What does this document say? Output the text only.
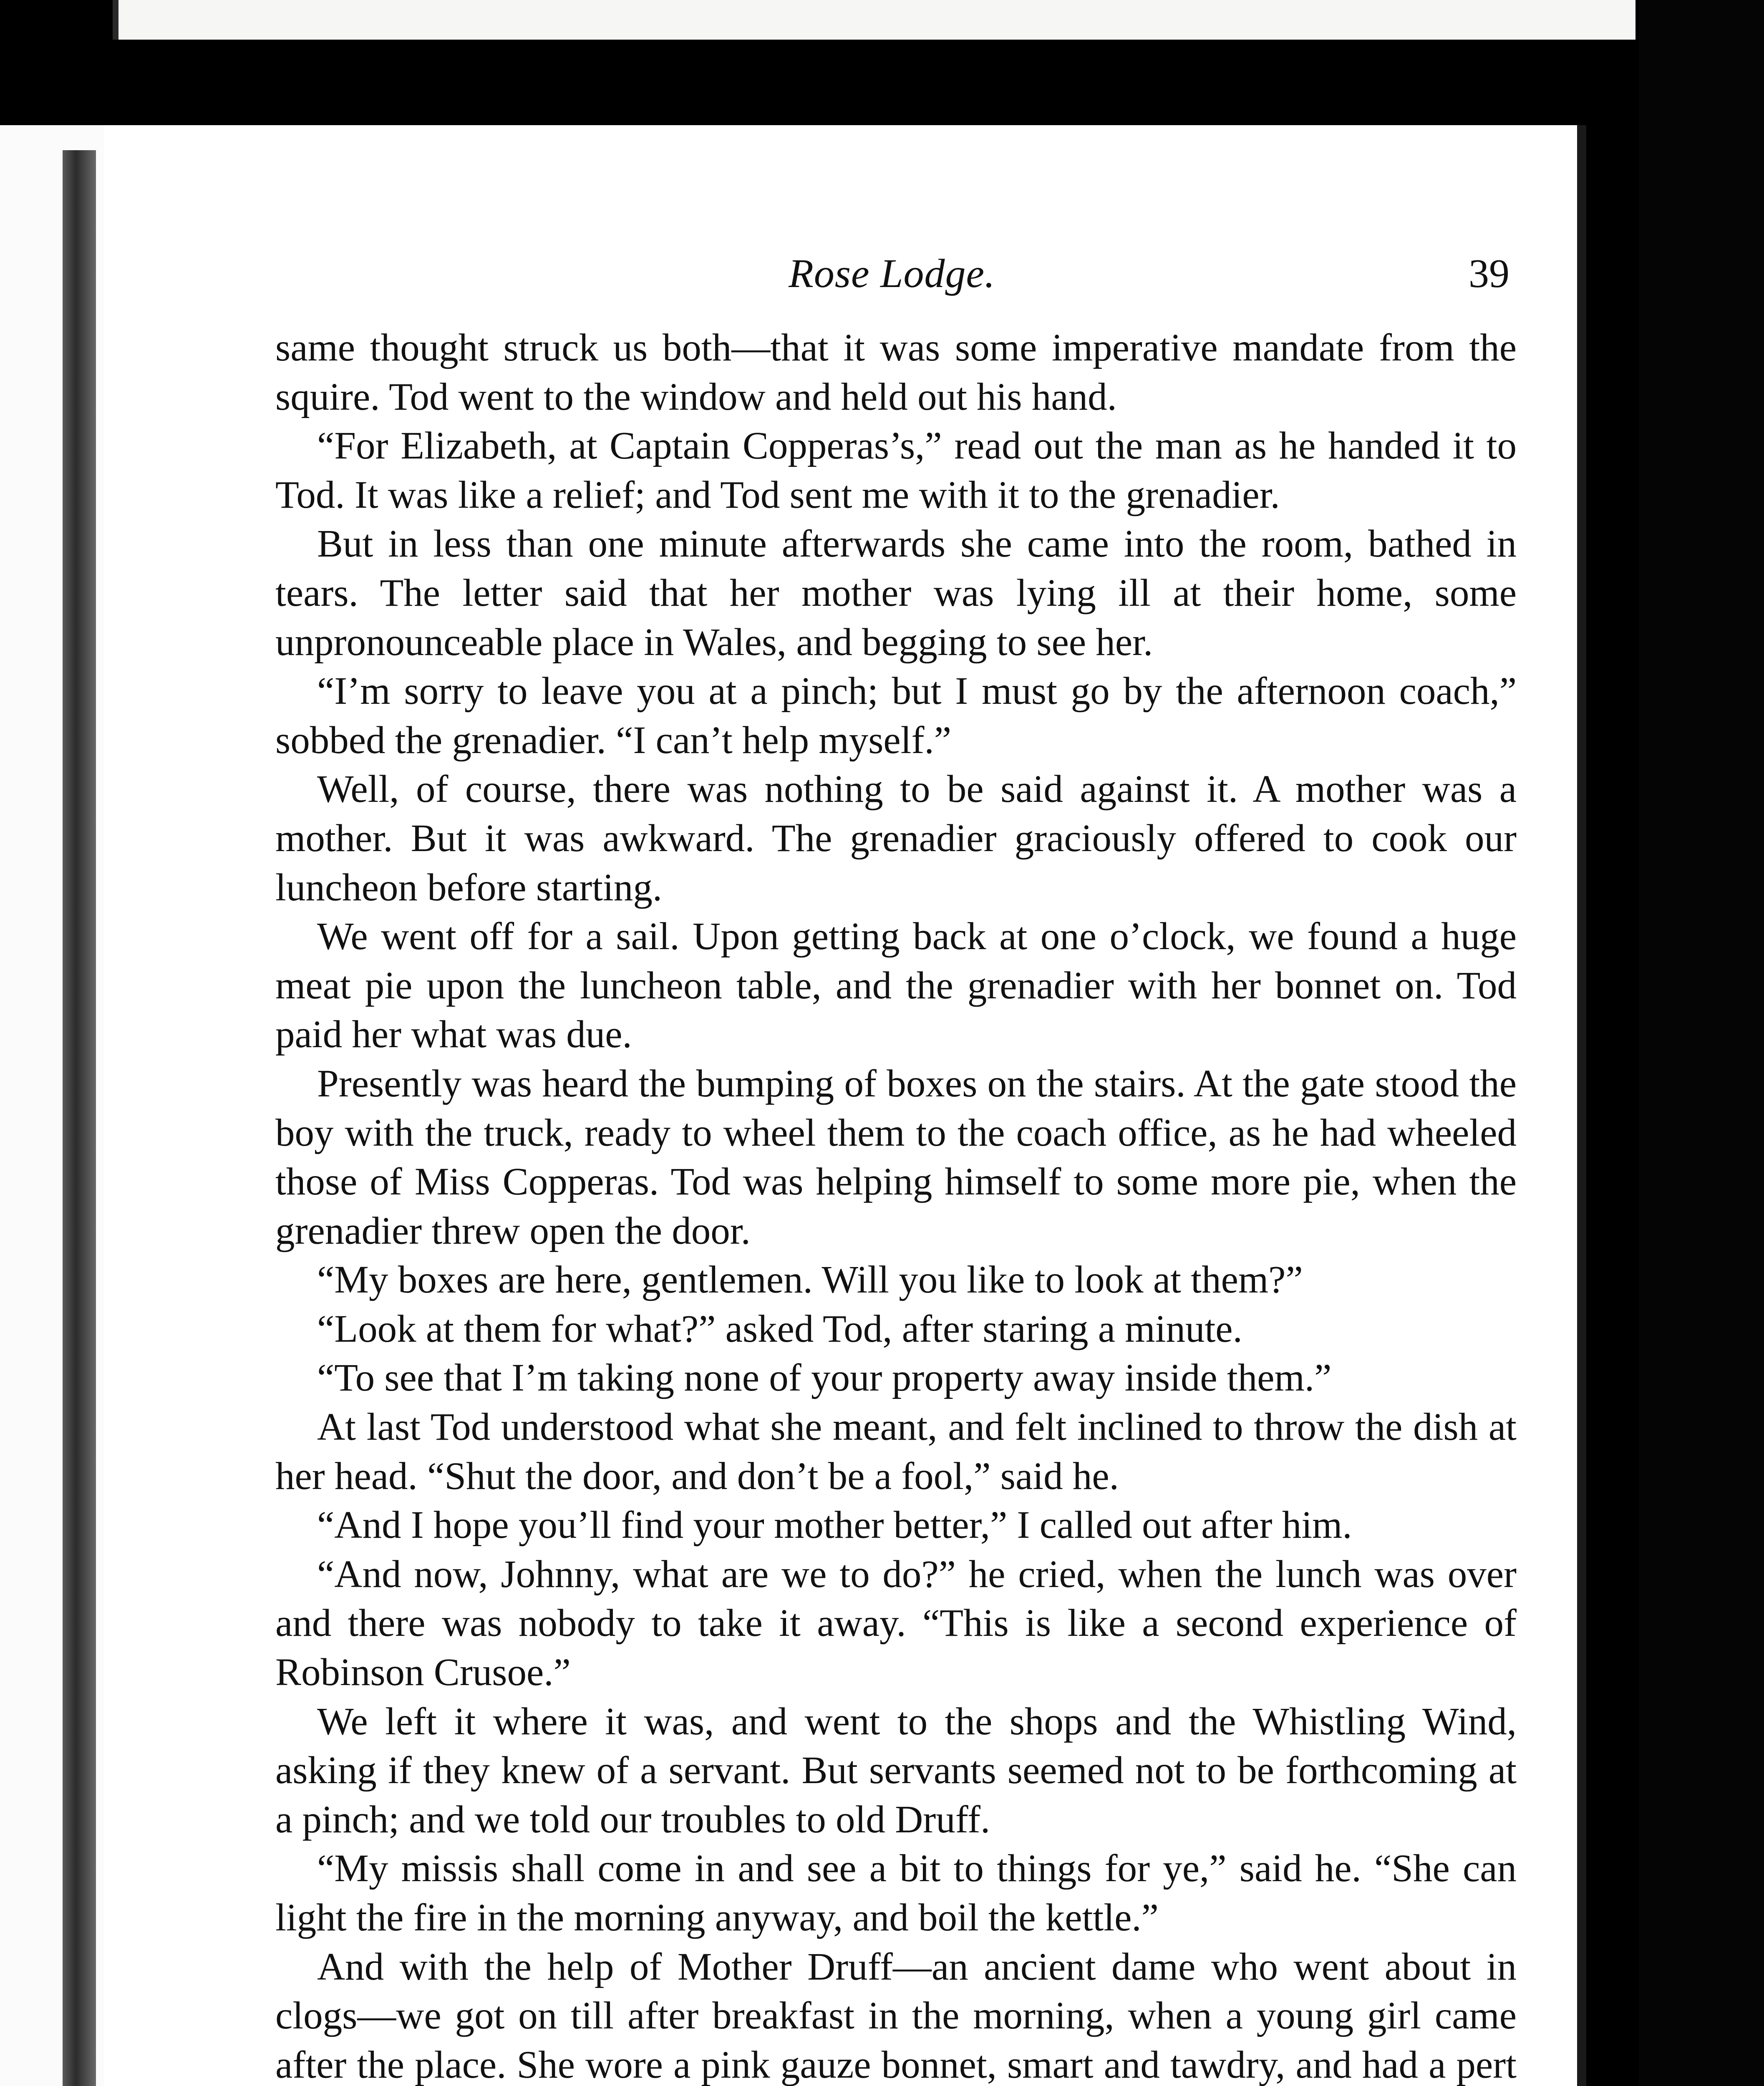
Rose Lodge.	39

same thought struck us both—that it was some imperative mandate from the squire. Tod went to the window and held out his hand.

“For Elizabeth, at Captain Copperas’s,” read out the man as he handed it to Tod. It was like a relief; and Tod sent me with it to the grenadier.

But in less than one minute afterwards she came into the room, bathed in tears. The letter said that her mother was lying ill at their home, some unpronounceable place in Wales, and begging to see her.

“I’m sorry to leave you at a pinch; but I must go by the afternoon coach,” sobbed the grenadier. “I can’t help myself.”

Well, of course, there was nothing to be said against it. A mother was a mother. But it was awkward. The grenadier graciously offered to cook our luncheon before starting.

We went off for a sail. Upon getting back at one o’clock, we found a huge meat pie upon the luncheon table, and the grenadier with her bonnet on. Tod paid her what was due.

Presently was heard the bumping of boxes on the stairs. At the gate stood the boy with the truck, ready to wheel them to the coach office, as he had wheeled those of Miss Copperas. Tod was helping himself to some more pie, when the grenadier threw open the door.

“My boxes are here, gentlemen. Will you like to look at them?”

“Look at them for what?” asked Tod, after staring a minute.

“To see that I’m taking none of your property away inside them.”

At last Tod understood what she meant, and felt inclined to throw the dish at her head. “Shut the door, and don’t be a fool,” said he.

“And I hope you’ll find your mother better,” I called out after him.

“And now, Johnny, what are we to do?” he cried, when the lunch was over and there was nobody to take it away. “This is like a second experience of Robinson Crusoe.”

We left it where it was, and went to the shops and the Whistling Wind, asking if they knew of a servant. But servants seemed not to be forthcoming at a pinch; and we told our troubles to old Druff.

“My missis shall come in and see a bit to things for ye,” said he. “She can light the fire in the morning anyway, and boil the kettle.”

And with the help of Mother Druff—an ancient dame who went about in clogs—we got on till after breakfast in the morning, when a young girl came after the place. She wore a pink gauze bonnet, smart and tawdry, and had a pert
